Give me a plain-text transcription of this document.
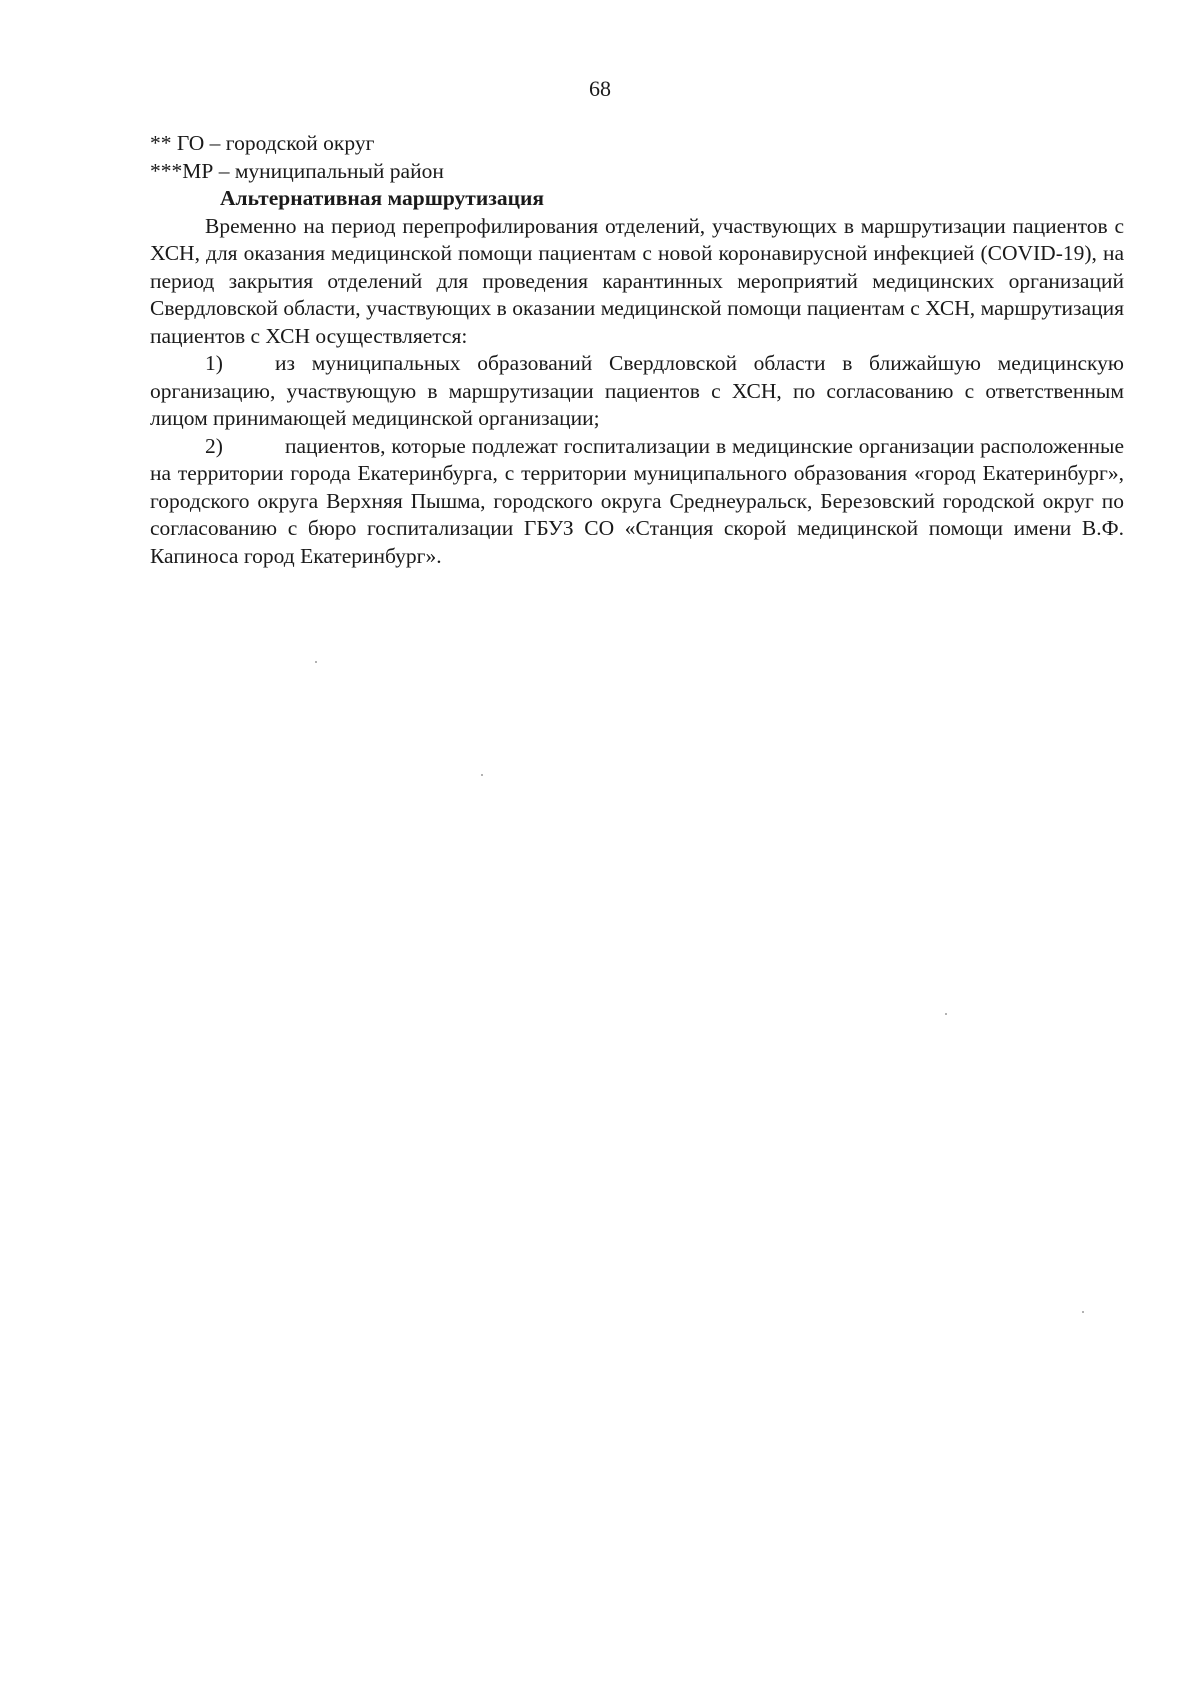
68
** ГО – городской округ
***МР – муниципальный район
Альтернативная маршрутизация

Временно на период перепрофилирования отделений, участвующих в маршрутизации пациентов с ХСН, для оказания медицинской помощи пациентам с новой коронавирусной инфекцией (COVID-19), на период закрытия отделений для проведения карантинных мероприятий медицинских организаций Свердловской области, участвующих в оказании медицинской помощи пациентам с ХСН, маршрутизация пациентов с ХСН осуществляется:

1) из муниципальных образований Свердловской области в ближайшую медицинскую организацию, участвующую в маршрутизации пациентов с ХСН, по согласованию с ответственным лицом принимающей медицинской организации;

2)	пациентов, которые подлежат госпитализации в медицинские организации расположенные на территории города Екатеринбурга, с территории муниципального образования «город Екатеринбург», городского округа Верхняя Пышма, городского округа Среднеуральск, Березовский городской округ по согласованию с бюро госпитализации ГБУЗ СО «Станция скорой медицинской помощи имени В.Ф. Капиноса город Екатеринбург».
